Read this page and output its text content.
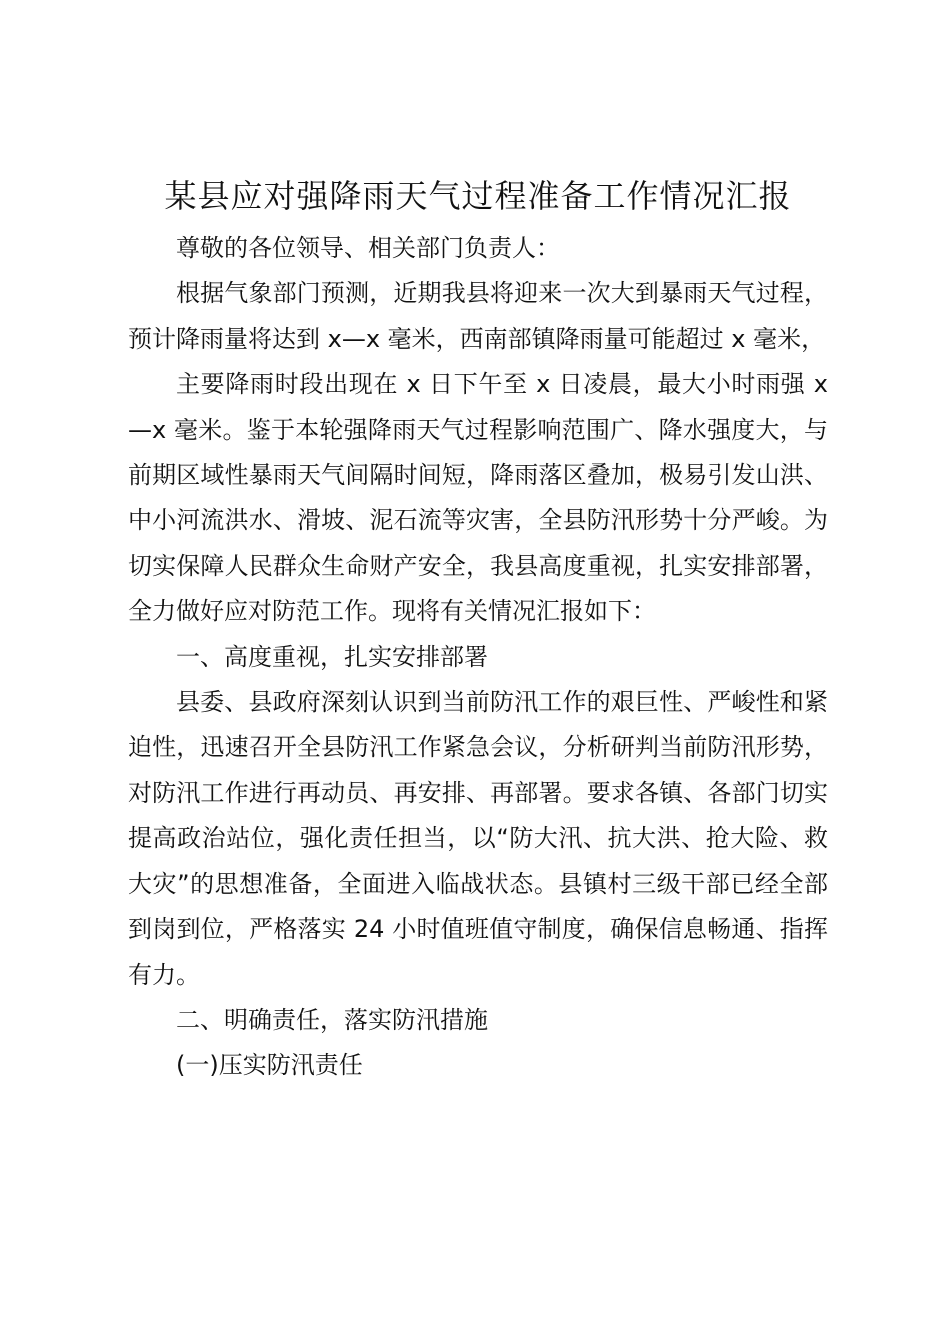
某县应对强降雨天气过程准备工作情况汇报

尊敬的各位领导、相关部门负责人：

根据气象部门预测，近期我县将迎来一次大到暴雨天气过程，预计降雨量将达到 x—x 毫米，西南部镇降雨量可能超过 x 毫米，

主要降雨时段出现在 x 日下午至 x 日凌晨，最大小时雨强 x—x 毫米。鉴于本轮强降雨天气过程影响范围广、降水强度大，与前期区域性暴雨天气间隔时间短，降雨落区叠加，极易引发山洪、中小河流洪水、滑坡、泥石流等灾害，全县防汛形势十分严峻。为切实保障人民群众生命财产安全，我县高度重视，扎实安排部署，全力做好应对防范工作。现将有关情况汇报如下：

一、高度重视，扎实安排部署

县委、县政府深刻认识到当前防汛工作的艰巨性、严峻性和紧迫性，迅速召开全县防汛工作紧急会议，分析研判当前防汛形势，对防汛工作进行再动员、再安排、再部署。要求各镇、各部门切实提高政治站位，强化责任担当，以“防大汛、抗大洪、抢大险、救大灾”的思想准备，全面进入临战状态。县镇村三级干部已经全部到岗到位，严格落实 24 小时值班值守制度，确保信息畅通、指挥有力。

二、明确责任，落实防汛措施

(一)压实防汛责任
